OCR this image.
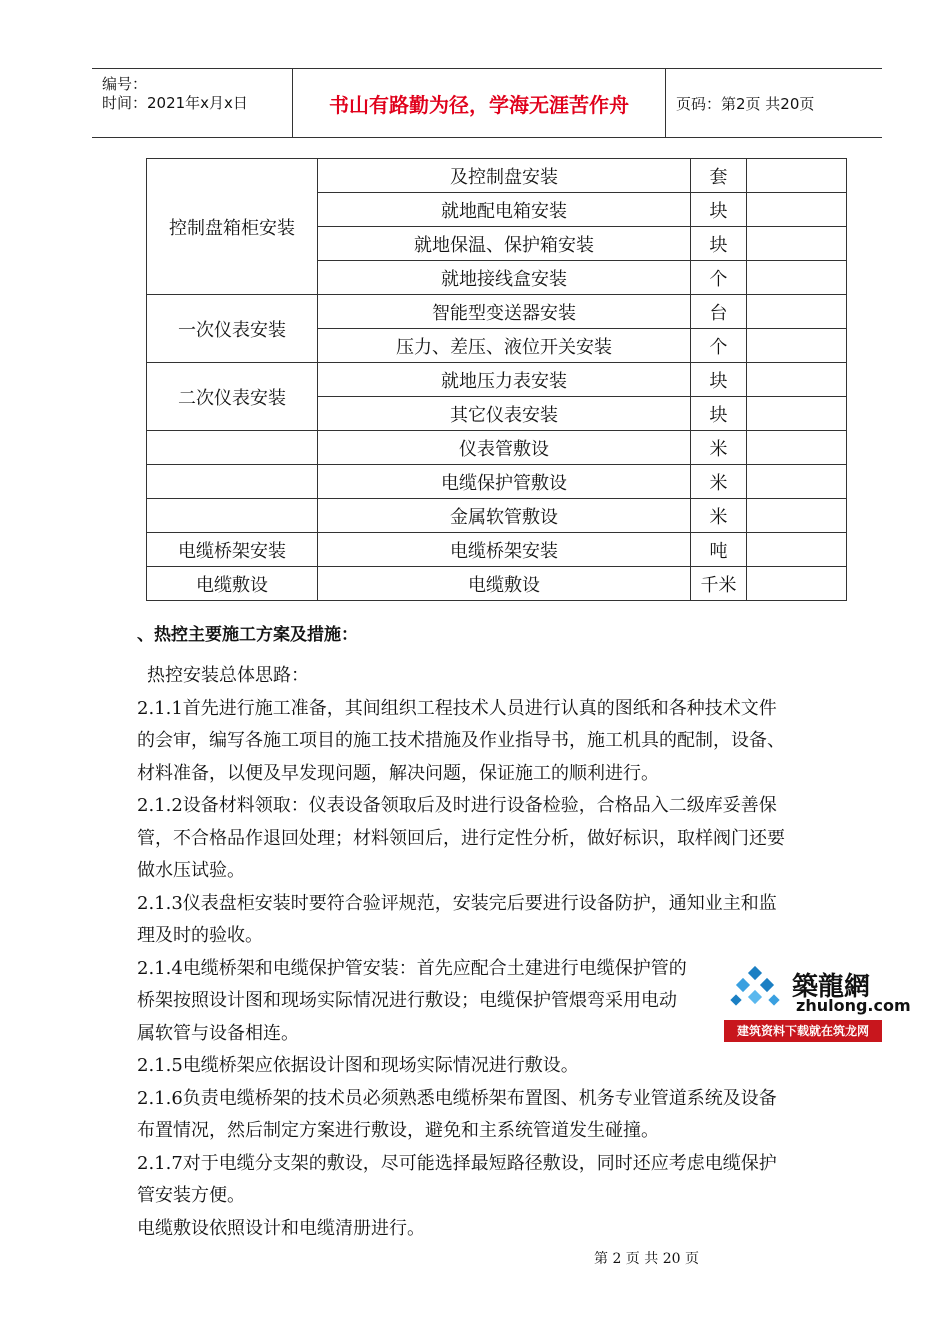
编号：
时间：2021年x月x日	书山有路勤为径，学海无涯苦作舟	页码：第2页 共20页
控制盘箱柜安装	及控制盘安装	套	
	就地配电箱安装	块	
	就地保温、保护箱安装	块	
	就地接线盒安装	个	
一次仪表安装	智能型变送器安装	台	
	压力、差压、液位开关安装	个	
二次仪表安装	就地压力表安装	块	
	其它仪表安装	块	
	仪表管敷设	米	
	电缆保护管敷设	米	
	金属软管敷设	米	
电缆桥架安装	电缆桥架安装	吨	
电缆敷设	电缆敷设	千米	
、热控主要施工方案及措施：

热控安装总体思路：

2.1.1首先进行施工准备，其间组织工程技术人员进行认真的图纸和各种技术文件

的会审，编写各施工项目的施工技术措施及作业指导书，施工机具的配制，设备、

材料准备，以便及早发现问题，解决问题，保证施工的顺利进行。

2.1.2设备材料领取：仪表设备领取后及时进行设备检验，合格品入二级库妥善保

管，不合格品作退回处理；材料领回后，进行定性分析，做好标识，取样阀门还要

做水压试验。

2.1.3仪表盘柜安装时要符合验评规范，安装完后要进行设备防护，通知业主和监

理及时的验收。

2.1.4电缆桥架和电缆保护管安装：首先应配合土建进行电缆保护管的

桥架按照设计图和现场实际情况进行敷设；电缆保护管煨弯采用电动

属软管与设备相连。

2.1.5电缆桥架应依据设计图和现场实际情况进行敷设。

2.1.6负责电缆桥架的技术员必须熟悉电缆桥架布置图、机务专业管道系统及设备

布置情况，然后制定方案进行敷设，避免和主系统管道发生碰撞。

2.1.7对于电缆分支架的敷设，尽可能选择最短路径敷设，同时还应考虑电缆保护

管安装方便。

电缆敷设依照设计和电缆清册进行。

築龍網
zhulong.com
建筑资料下载就在筑龙网
第 2 页 共 20 页
